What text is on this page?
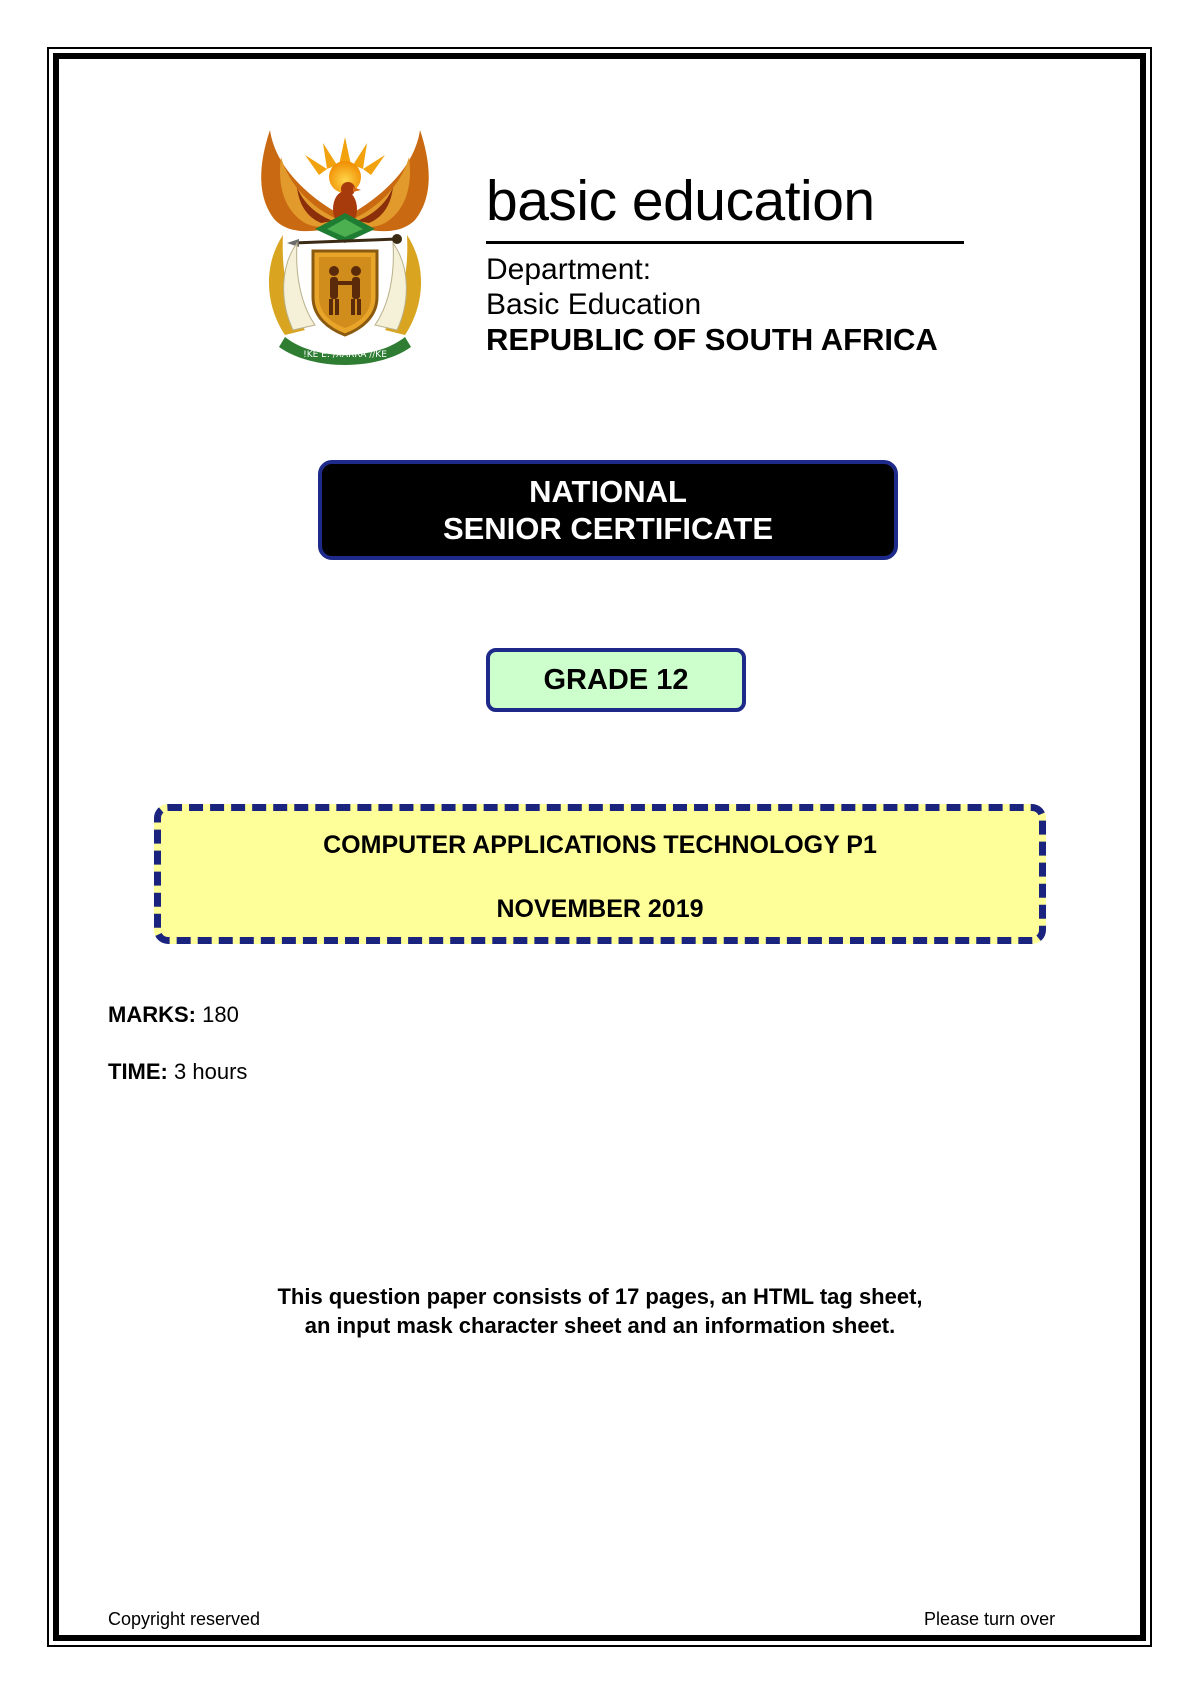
!KE E: /XARRA //KE
basic education
Department:
Basic Education
REPUBLIC OF SOUTH AFRICA
NATIONAL
SENIOR CERTIFICATE
GRADE 12
COMPUTER APPLICATIONS TECHNOLOGY P1
NOVEMBER 2019
MARKS: 180
TIME: 3 hours
This question paper consists of 17 pages, an HTML tag sheet,
an input mask character sheet and an information sheet.
Copyright reserved	Please turn over
